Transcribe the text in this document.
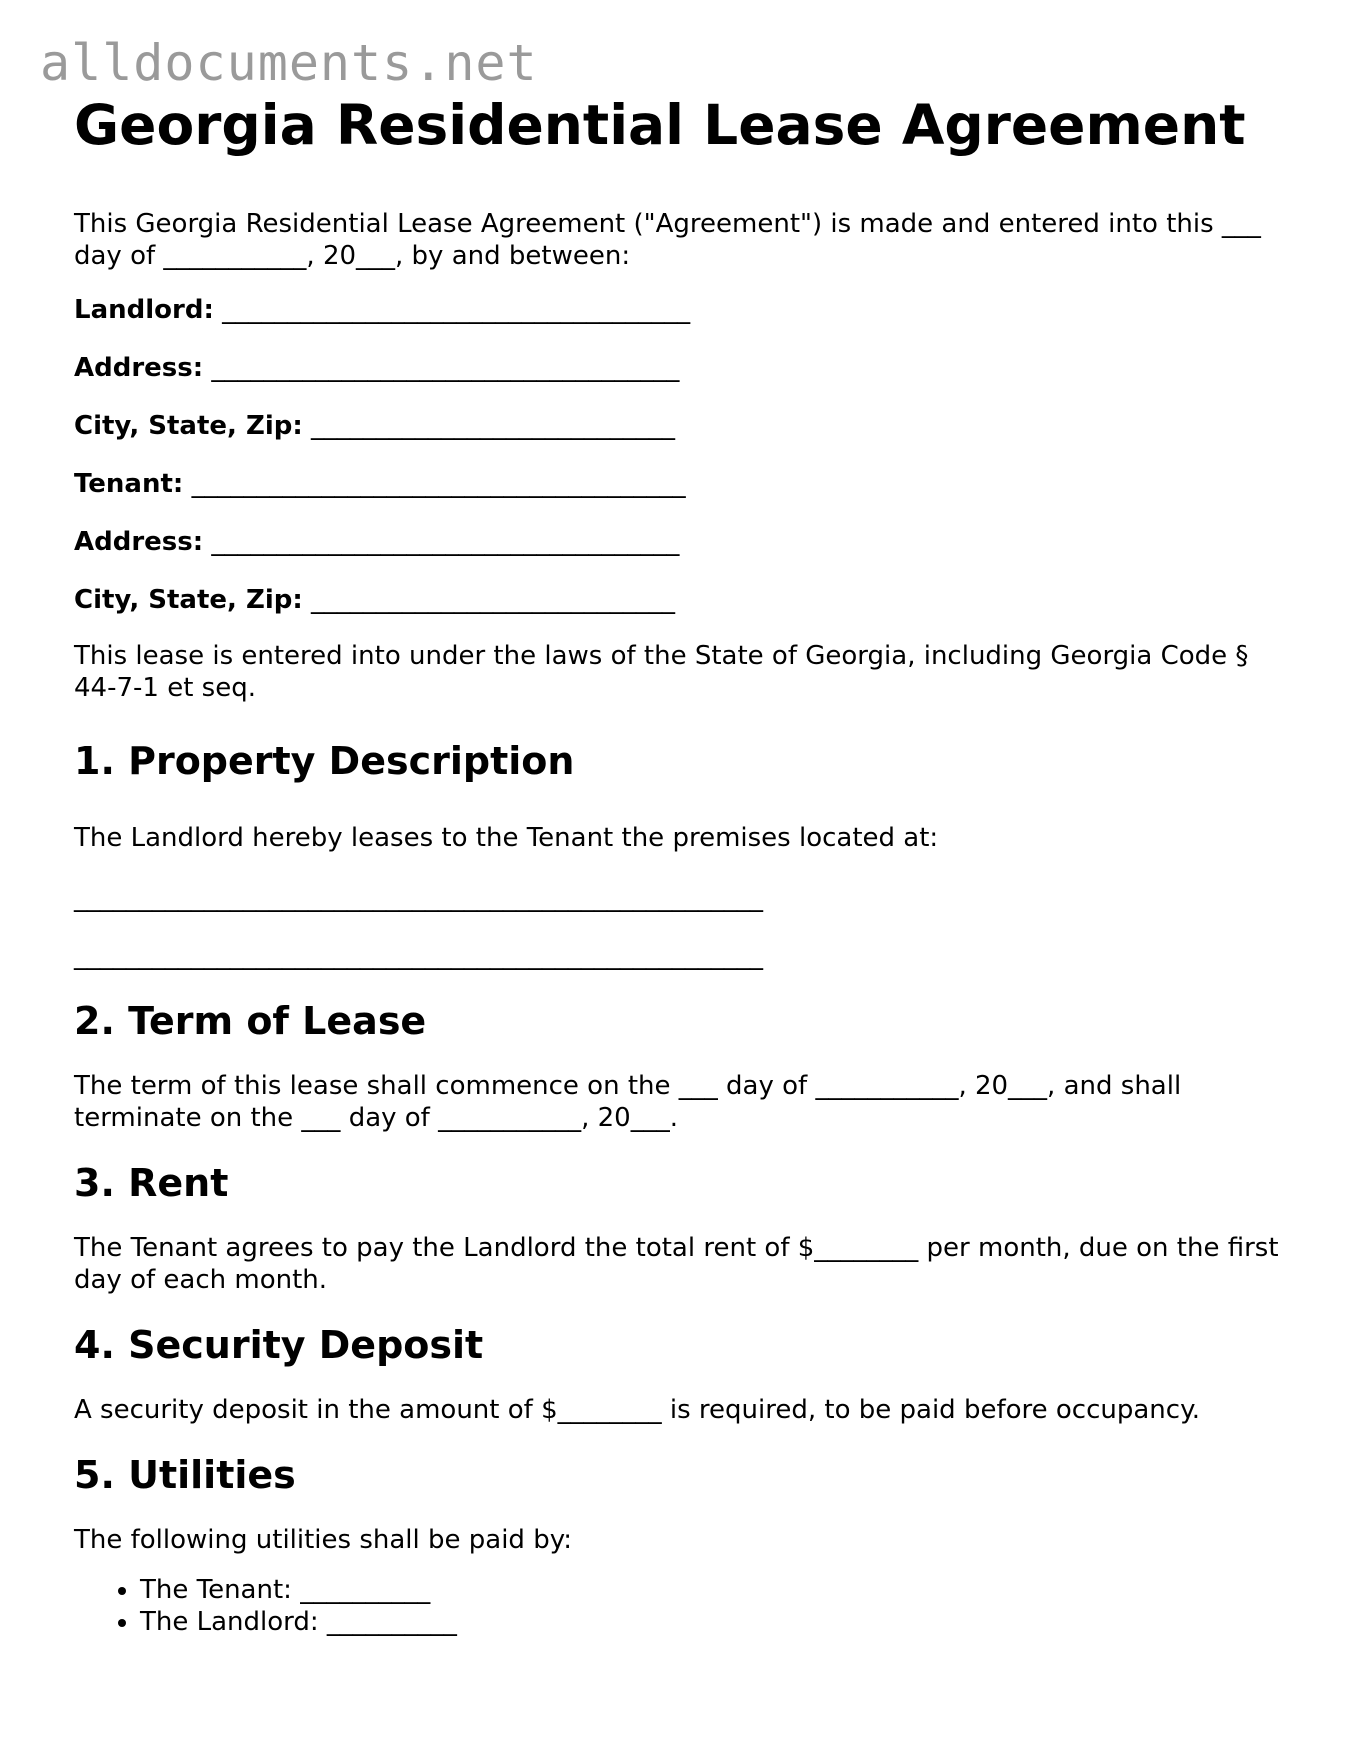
alldocuments.net
Georgia Residential Lease Agreement

This Georgia Residential Lease Agreement ("Agreement") is made and entered into this ___ day of ___________, 20___, by and between:

Landlord: ____________________________________
Address: ____________________________________
City, State, Zip: ____________________________
Tenant: ______________________________________
Address: ____________________________________
City, State, Zip: ____________________________

This lease is entered into under the laws of the State of Georgia, including Georgia Code § 44-7-1 et seq.

1. Property Description

The Landlord hereby leases to the Tenant the premises located at:

_____________________________________________________
_____________________________________________________
2. Term of Lease

The term of this lease shall commence on the ___ day of ___________, 20___, and shall terminate on the ___ day of ___________, 20___.

3. Rent

The Tenant agrees to pay the Landlord the total rent of $________ per month, due on the first day of each month.

4. Security Deposit

A security deposit in the amount of $________ is required, to be paid before occupancy.

5. Utilities

The following utilities shall be paid by:

• The Tenant: __________
• The Landlord: __________
